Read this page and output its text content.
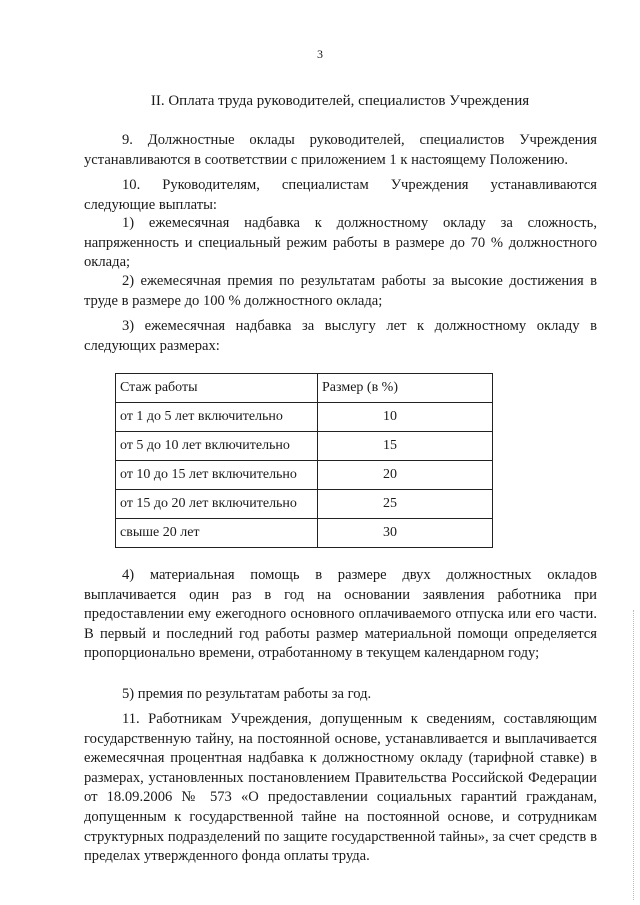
3
II. Оплата труда руководителей, специалистов Учреждения

9. Должностные оклады руководителей, специалистов Учреждения устанавливаются в соответствии с приложением 1 к настоящему Положению.

10. Руководителям, специалистам Учреждения устанавливаются следующие выплаты:

1) ежемесячная надбавка к должностному окладу за сложность, напряженность и специальный режим работы в размере до 70 % должностного оклада;

2) ежемесячная премия по результатам работы за высокие достижения в труде в размере до 100 % должностного оклада;

3) ежемесячная надбавка за выслугу лет к должностному окладу в следующих размерах:

Стаж работы	Размер (в %)
от 1 до 5 лет включительно	10
от 5 до 10 лет включительно	15
от 10 до 15 лет включительно	20
от 15 до 20 лет включительно	25
свыше 20 лет	30

4) материальная помощь в размере двух должностных окладов выплачивается один раз в год на основании заявления работника при предоставлении ему ежегодного основного оплачиваемого отпуска или его части. В первый и последний год работы размер материальной помощи определяется пропорционально времени, отработанному в текущем календарном году;

5) премия по результатам работы за год.

11. Работникам Учреждения, допущенным к сведениям, составляющим государственную тайну, на постоянной основе, устанавливается и выплачивается ежемесячная процентная надбавка к должностному окладу (тарифной ставке) в размерах, установленных постановлением Правительства Российской Федерации от 18.09.2006 № 573 «О предоставлении социальных гарантий гражданам, допущенным к государственной тайне на постоянной основе, и сотрудникам структурных подразделений по защите государственной тайны», за счет средств в пределах утвержденного фонда оплаты труда.
